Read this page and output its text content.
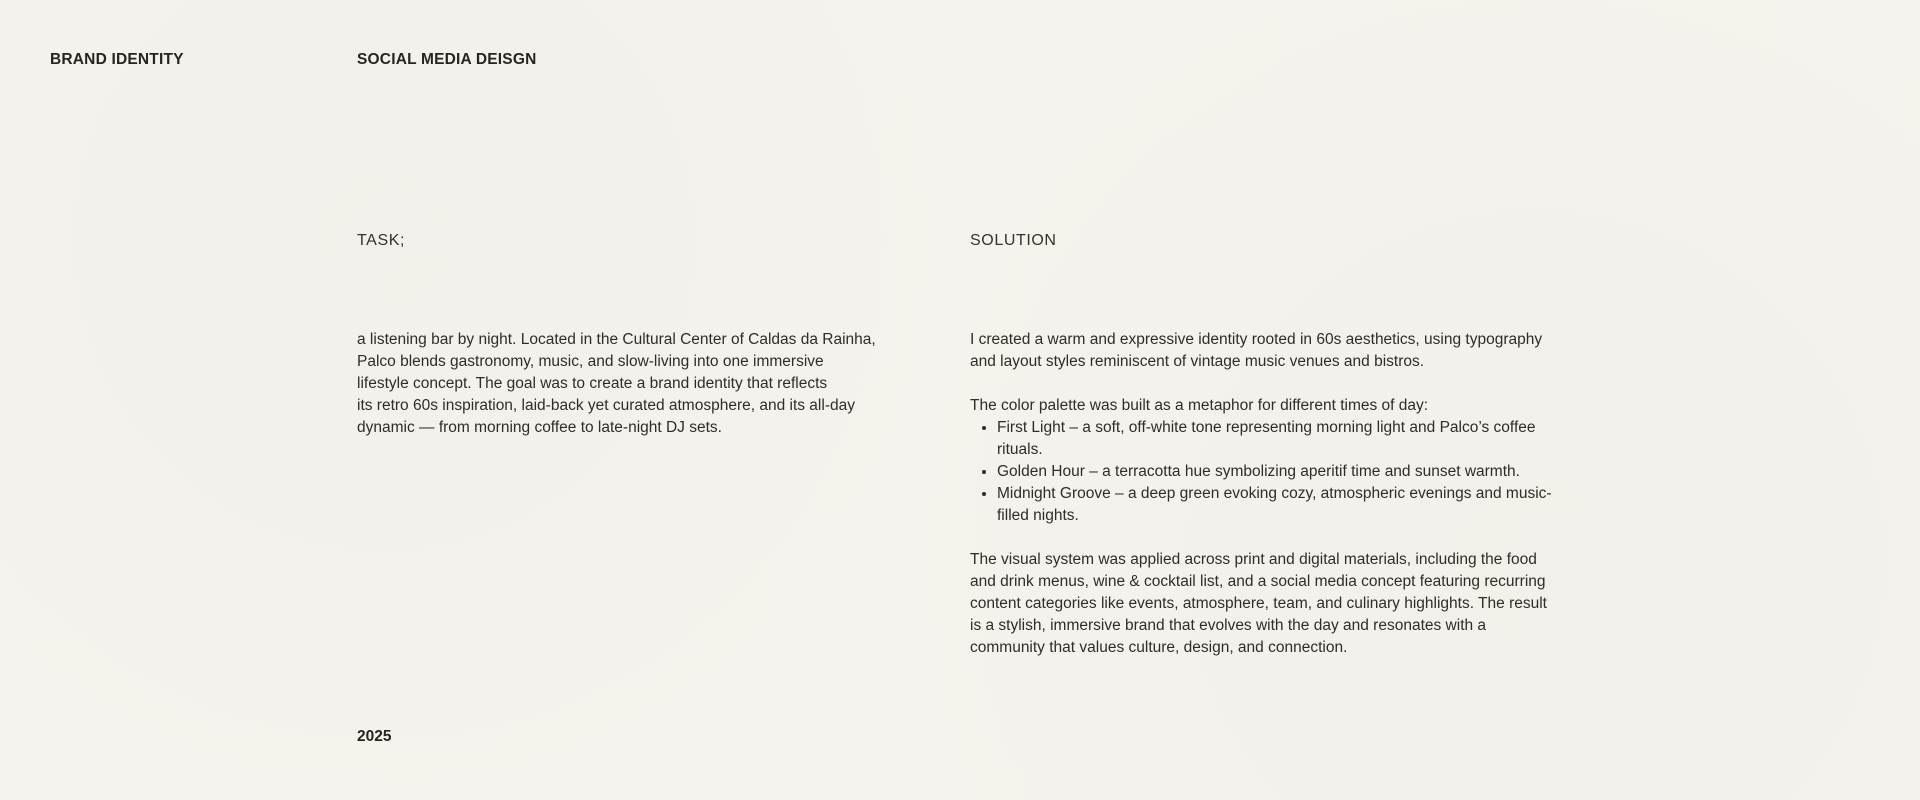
BRAND IDENTITY	SOCIAL MEDIA DEISGN
TASK;	SOLUTION

a listening bar by night. Located in the Cultural Center of Caldas da Rainha,

Palco blends gastronomy, music, and slow-living into one immersive

lifestyle concept. The goal was to create a brand identity that reflects

its retro 60s inspiration, laid-back yet curated atmosphere, and its all-day

dynamic — from morning coffee to late-night DJ sets.

I created a warm and expressive identity rooted in 60s aesthetics, using typography

and layout styles reminiscent of vintage music venues and bistros.

The color palette was built as a metaphor for different times of day:

• First Light – a soft, off-white tone representing morning light and Palco’s coffee rituals.
• Golden Hour – a terracotta hue symbolizing aperitif time and sunset warmth.
• Midnight Groove – a deep green evoking cozy, atmospheric evenings and music-filled nights.

The visual system was applied across print and digital materials, including the food

and drink menus, wine & cocktail list, and a social media concept featuring recurring

content categories like events, atmosphere, team, and culinary highlights. The result

is a stylish, immersive brand that evolves with the day and resonates with a

community that values culture, design, and connection.

2025
